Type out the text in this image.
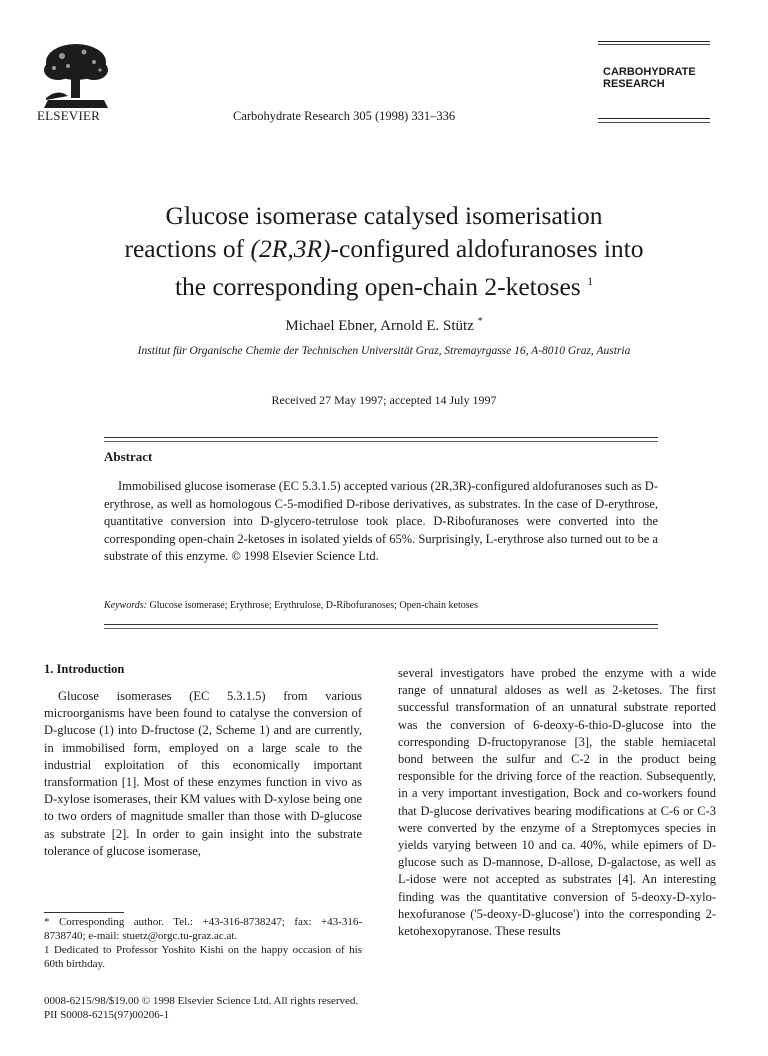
ELSEVIER	Carbohydrate Research 305 (1998) 331–336
CARBOHYDRATE
RESEARCH
Glucose isomerase catalysed isomerisation
reactions of (2R,3R)-configured aldofuranoses into
the corresponding open-chain 2-ketoses $^1$
Michael Ebner, Arnold E. Stütz *
Institut für Organische Chemie der Technischen Universität Graz, Stremayrgasse 16, A-8010 Graz, Austria
Received 27 May 1997; accepted 14 July 1997
Abstract
Immobilised glucose isomerase (EC 5.3.1.5) accepted various (2R,3R)-configured aldofuranoses such as D-erythrose, as well as homologous C-5-modified D-ribose derivatives, as substrates. In the case of D-erythrose, quantitative conversion into D-glycero-tetrulose took place. D-Ribofuranoses were converted into the corresponding open-chain 2-ketoses in isolated yields of 65%. Surprisingly, L-erythrose also turned out to be a substrate of this enzyme. © 1998 Elsevier Science Ltd.
Keywords: Glucose isomerase; Erythrose; Erythrulose, D-Ribofuranoses; Open-chain ketoses
1. Introduction
Glucose isomerases (EC 5.3.1.5) from various microorganisms have been found to catalyse the conversion of D-glucose (1) into D-fructose (2, Scheme 1) and are currently, in immobilised form, employed on a large scale to the industrial exploitation of this economically important transformation [1]. Most of these enzymes function in vivo as D-xylose isomerases, their KM values with D-xylose being one to two orders of magnitude smaller than those with D-glucose as substrate [2]. In order to gain insight into the substrate tolerance of glucose isomerase,
several investigators have probed the enzyme with a wide range of unnatural aldoses as well as 2-ketoses. The first successful transformation of an unnatural substrate reported was the conversion of 6-deoxy-6-thio-D-glucose into the corresponding D-fructopyranose [3], the stable hemiacetal bond between the sulfur and C-2 in the product being responsible for the driving force of the reaction. Subsequently, in a very important investigation, Bock and co-workers found that D-glucose derivatives bearing modifications at C-6 or C-3 were converted by the enzyme of a Streptomyces species in yields varying between 10 and ca. 40%, while epimers of D-glucose such as D-mannose, D-allose, D-galactose, as well as L-idose were not accepted as substrates [4]. An interesting finding was the quantitative conversion of 5-deoxy-D-xylo-hexofuranose ('5-deoxy-D-glucose') into the corresponding 2-ketohexopyranose. These results

* Corresponding author. Tel.: +43-316-8738247; fax: +43-316-8738740; e-mail: stuetz@orgc.tu-graz.ac.at.

1 Dedicated to Professor Yoshito Kishi on the happy occasion of his 60th birthday.

0008-6215/98/$19.00 © 1998 Elsevier Science Ltd. All rights reserved.
PII S0008-6215(97)00206-1
